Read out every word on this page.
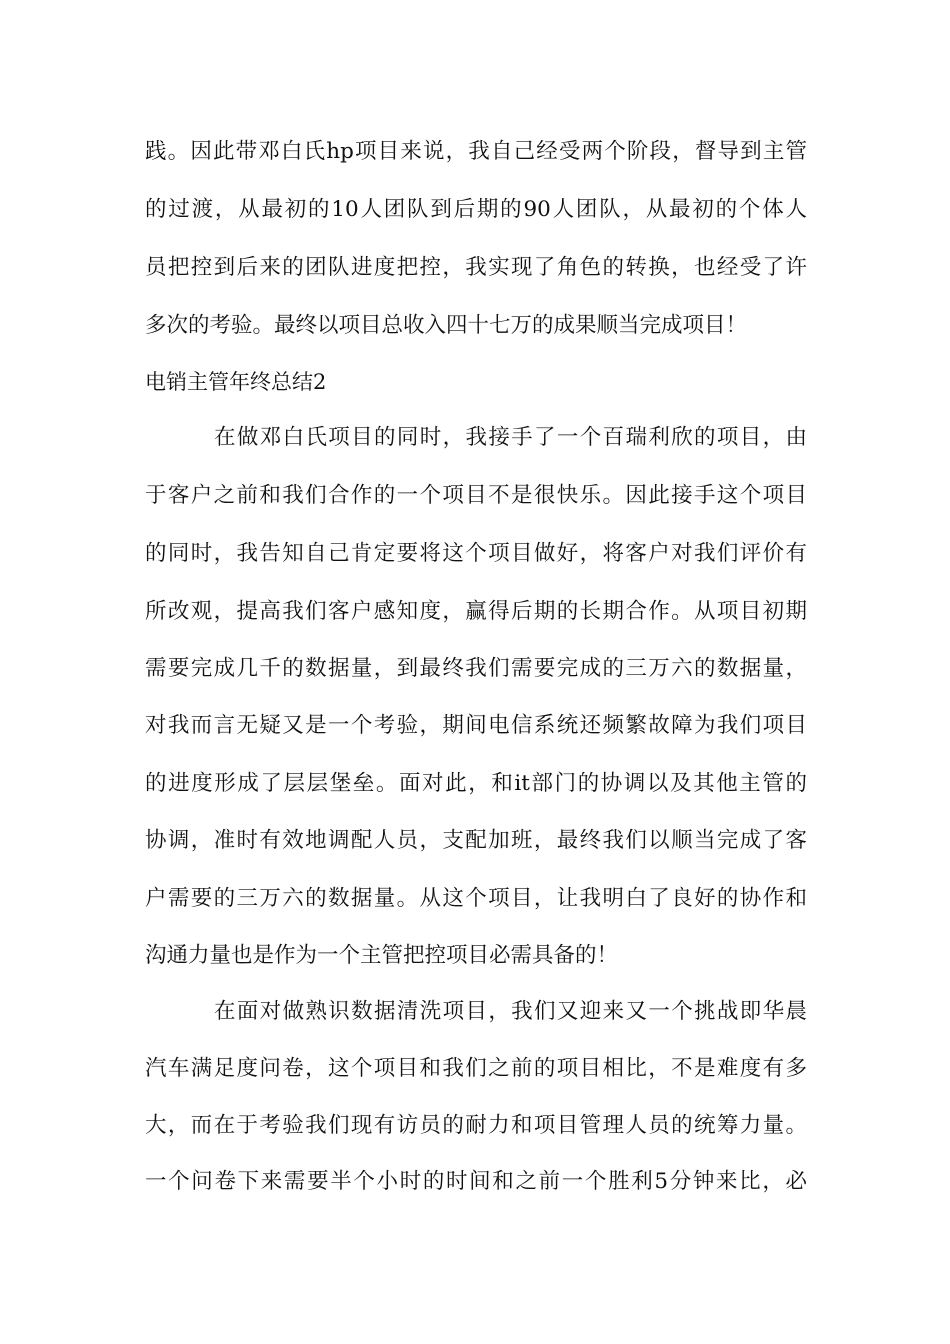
践。因此带邓白氏hp项目来说，我自己经受两个阶段，督导到主管
的过渡，从最初的10人团队到后期的90人团队，从最初的个体人
员把控到后来的团队进度把控，我实现了角色的转换，也经受了许
多次的考验。最终以项目总收入四十七万的成果顺当完成项目！
电销主管年终总结2
在做邓白氏项目的同时，我接手了一个百瑞利欣的项目，由
于客户之前和我们合作的一个项目不是很快乐。因此接手这个项目
的同时，我告知自己肯定要将这个项目做好，将客户对我们评价有
所改观，提高我们客户感知度，赢得后期的长期合作。从项目初期
需要完成几千的数据量，到最终我们需要完成的三万六的数据量，
对我而言无疑又是一个考验，期间电信系统还频繁故障为我们项目
的进度形成了层层堡垒。面对此，和it部门的协调以及其他主管的
协调，准时有效地调配人员，支配加班，最终我们以顺当完成了客
户需要的三万六的数据量。从这个项目，让我明白了良好的协作和
沟通力量也是作为一个主管把控项目必需具备的！
在面对做熟识数据清洗项目，我们又迎来又一个挑战即华晨
汽车满足度问卷，这个项目和我们之前的项目相比，不是难度有多
大，而在于考验我们现有访员的耐力和项目管理人员的统筹力量。
一个问卷下来需要半个小时的时间和之前一个胜利5分钟来比，必
